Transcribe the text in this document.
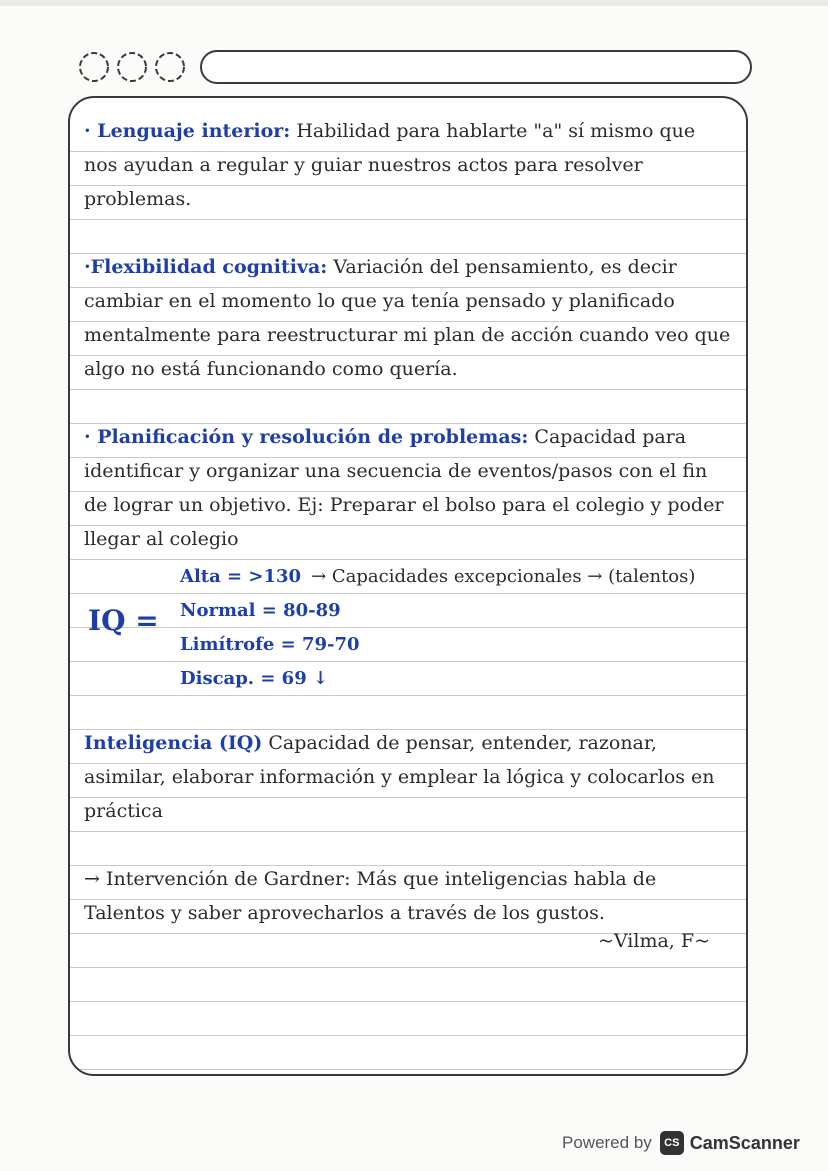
· Lenguaje interior: Habilidad para hablarte "a" sí mismo que nos ayudan a regular y guiar nuestros actos para resolver problemas.

·Flexibilidad cognitiva: Variación del pensamiento, es decir cambiar en el momento lo que ya tenía pensado y planificado mentalmente para reestructurar mi plan de acción cuando veo que algo no está funcionando como quería.

· Planificación y resolución de problemas: Capacidad para identificar y organizar una secuencia de eventos/pasos con el fin de lograr un objetivo. Ej: Preparar el bolso para el colegio y poder llegar al colegio

IQ =
Alta = >130 → Capacidades excepcionales → (talentos)
Normal = 80-89
Limítrofe = 79-70
Discap. = 69 ↓

Inteligencia (IQ) Capacidad de pensar, entender, razonar, asimilar, elaborar información y emplear la lógica y colocarlos en práctica

→ Intervención de Gardner: Más que inteligencias habla de Talentos y saber aprovecharlos a través de los gustos.

~Vilma, F~
Powered by	CS CamScanner
